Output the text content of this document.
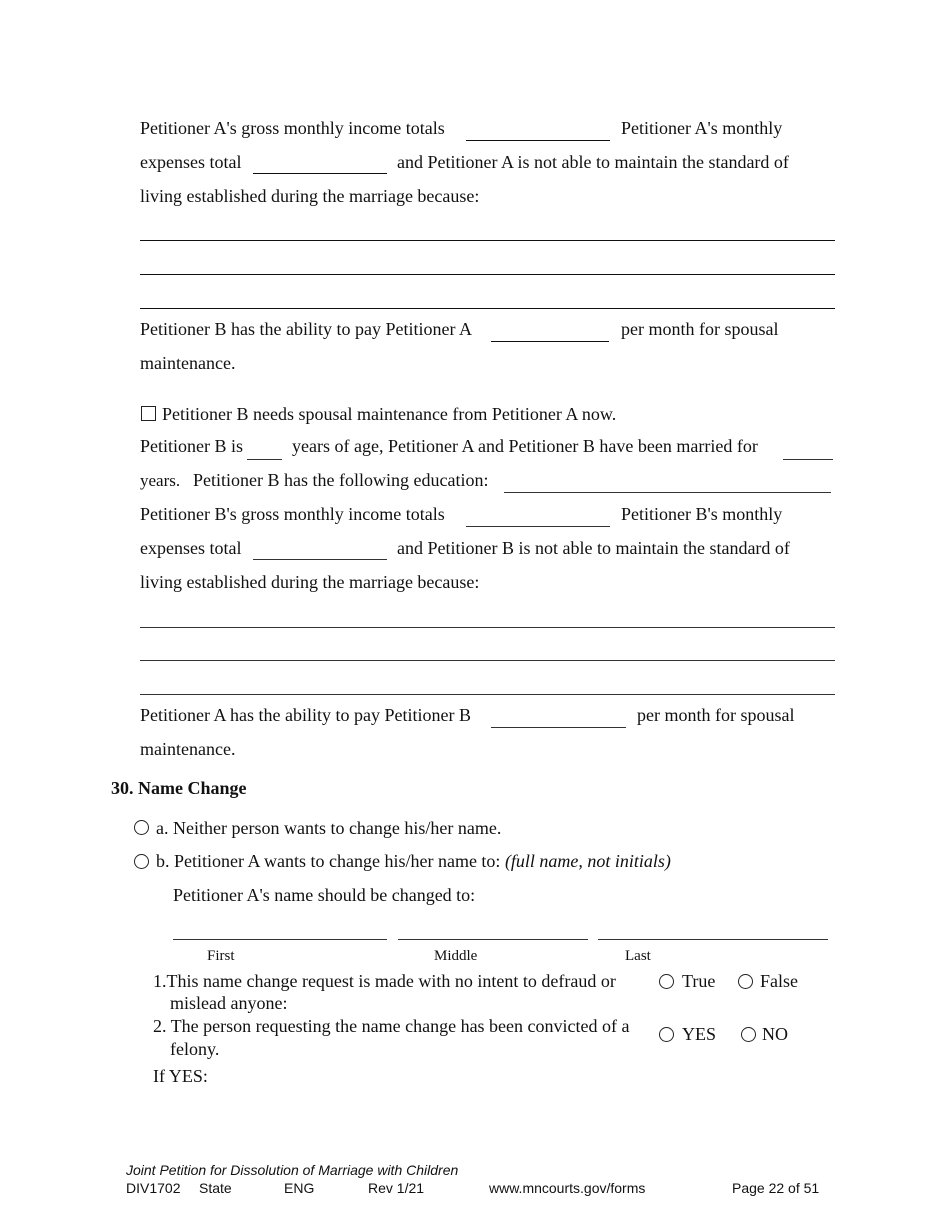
Petitioner A's gross monthly income totals	Petitioner A's monthly
expenses total	and Petitioner A is not able to maintain the standard of
living established during the marriage because:
Petitioner B has the ability to pay Petitioner A	per month for spousal
maintenance.
Petitioner B needs spousal maintenance from Petitioner A now.
Petitioner B is	years of age, Petitioner A and Petitioner B have been married for
years. Petitioner B has the following education:
Petitioner B's gross monthly income totals	Petitioner B's monthly
expenses total	and Petitioner B is not able to maintain the standard of
living established during the marriage because:
Petitioner A has the ability to pay Petitioner B	per month for spousal
maintenance.
30. Name Change
a. Neither person wants to change his/her name.
b. Petitioner A wants to change his/her name to: (full name, not initials)
Petitioner A's name should be changed to:
First	Middle	Last
1.This name change request is made with no intent to defraud or
mislead anyone:
True False
2. The person requesting the name change has been convicted of a
felony.
YES	NO
If YES:
Joint Petition for Dissolution of Marriage with Children
DIV1702 State	ENG	Rev 1/21	www.mncourts.gov/forms	Page 22 of 51
